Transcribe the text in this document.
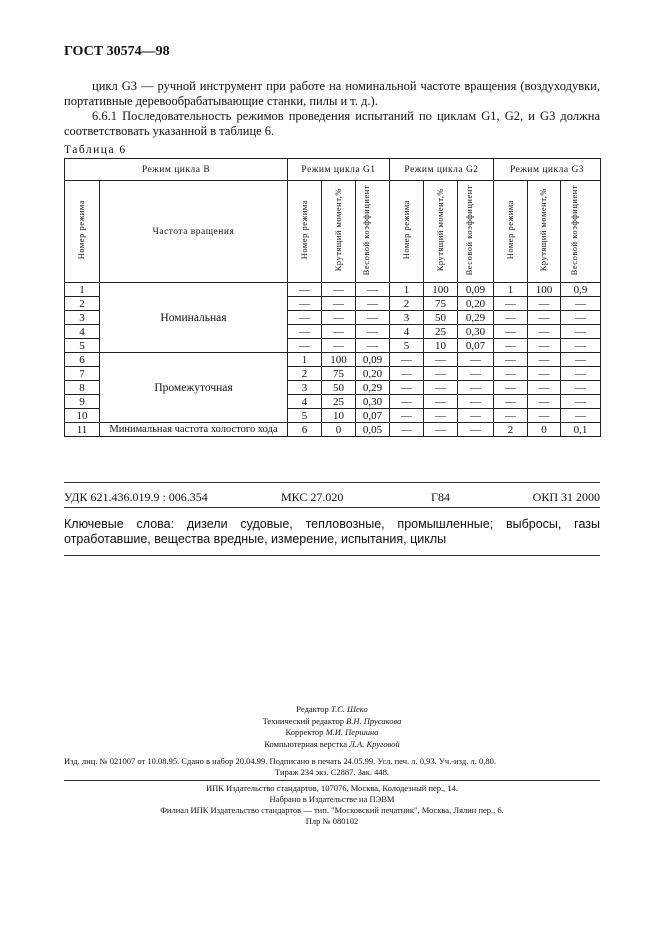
ГОСТ 30574—98
цикл G3 — ручной инструмент при работе на номинальной частоте вращения (воздуходувки, портативные деревообрабатывающие станки, пилы и т. д.).
6.6.1 Последовательность режимов проведения испытаний по циклам G1, G2, и G3 должна соответствовать указанной в таблице 6.
Таблица 6
Режим цикла B		Режим цикла G1			Режим цикла G2			Режим цикла G3		
Номер режима	Частота вращения	Номер режима	Крутящий момент,%	Весовой коэффициент	Номер режима	Крутящий момент,%	Весовой коэффициент	Номер режима	Крутящий момент,%	Весовой коэффициент
1	Номинальная	—	—	—	1	100	0,09	1	100	0,9
2		—	—	—	2	75	0,20	—	—	—
3		—	—	—	3	50	0,29	—	—	—
4		—	—	—	4	25	0,30	—	—	—
5		—	—	—	5	10	0,07	—	—	—
6	Промежуточная	1	100	0,09	—	—	—	—	—	—
7		2	75	0,20	—	—	—	—	—	—
8		3	50	0,29	—	—	—	—	—	—
9		4	25	0,30	—	—	—	—	—	—
10		5	10	0,07	—	—	—	—	—	—
11	Минимальная частота холостого хода	6	0	0,05	—	—	—	2	0	0,1
УДК 621.436.019.9 : 006.354	МКС 27.020	Г84	ОКП 31 2000
Ключевые слова: дизели судовые, тепловозные, промышленные; выбросы, газы отработавшие, вещества вредные, измерение, испытания, циклы
Редактор Т.С. Шеко
Технический редактор В.Н. Прусакова
Корректор М.И. Першина
Компьютерная верстка Л.А. Круговой
Изд. лиц. № 021007 от 10.08.95. Сдано в набор 20.04.99. Подписано в печать 24.05.99. Усл. печ. л. 0,93. Уч.-изд. л. 0,80.
Тираж 234 экз. С2887. Зак. 448.
ИПК Издательство стандартов, 107076, Москва, Колодезный пер., 14.
Набрано в Издательстве на ПЭВМ
Филиал ИПК Издательство стандартов — тип. "Московский печатник", Москва, Лялин пер., 6.
Плр № 080102
